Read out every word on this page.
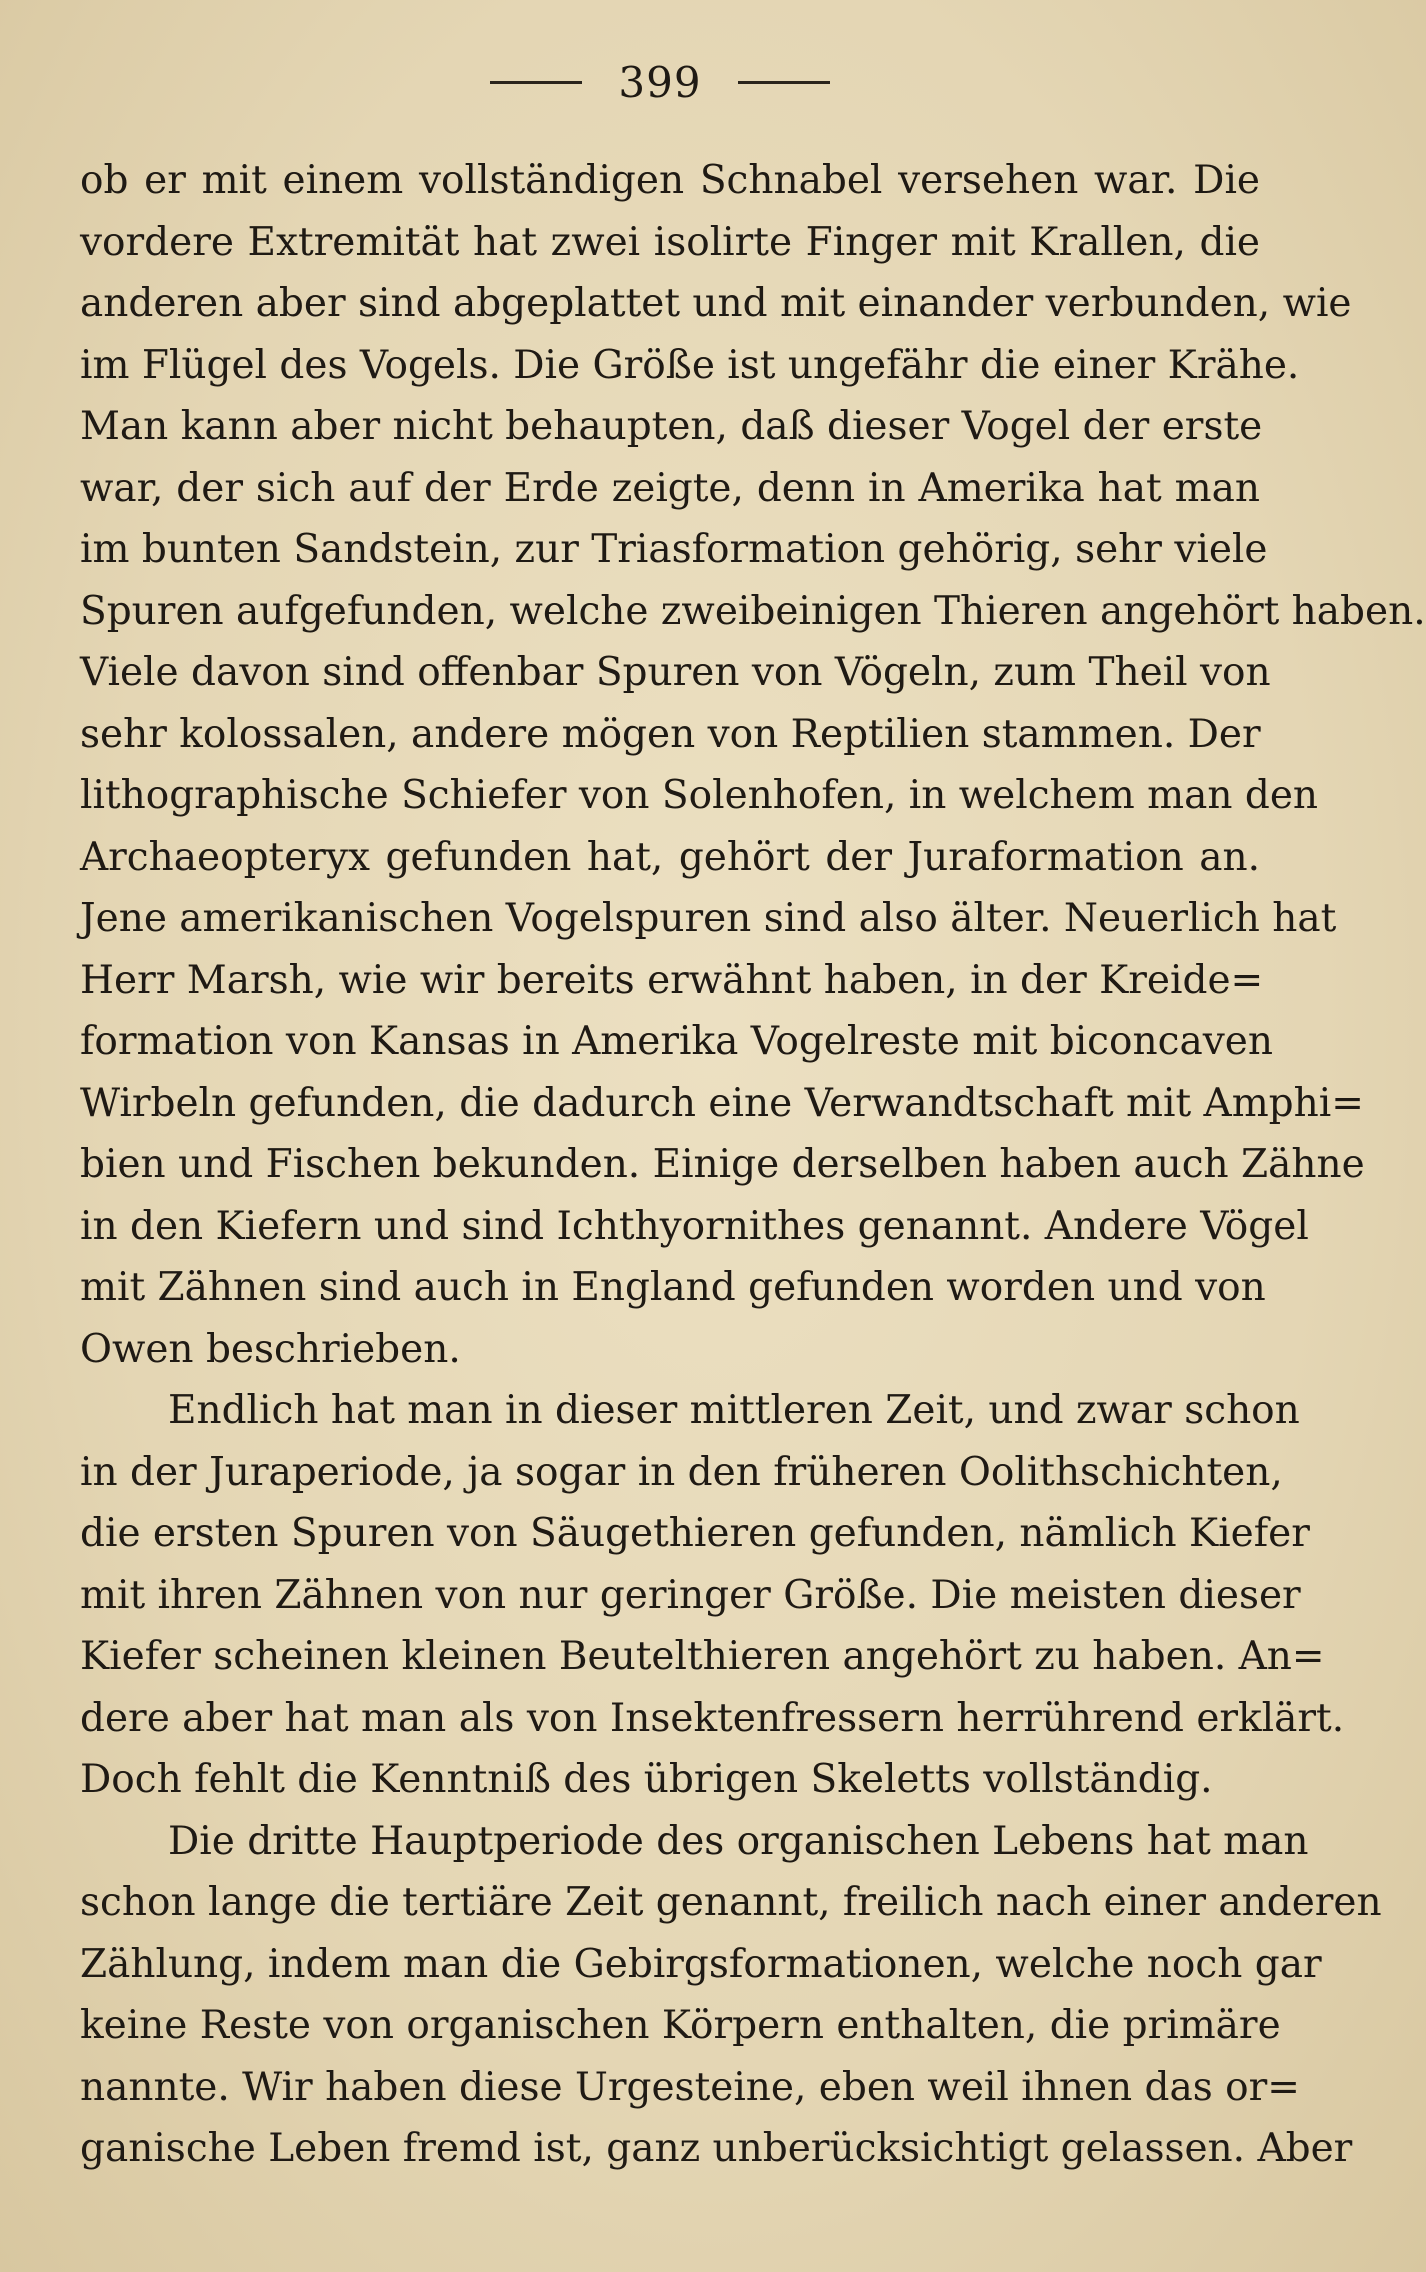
399
ob er mit einem vollständigen Schnabel versehen war. Die
vordere Extremität hat zwei isolirte Finger mit Krallen, die
anderen aber sind abgeplattet und mit einander verbunden, wie
im Flügel des Vogels. Die Größe ist ungefähr die einer Krähe.
Man kann aber nicht behaupten, daß dieser Vogel der erste
war, der sich auf der Erde zeigte, denn in Amerika hat man
im bunten Sandstein, zur Triasformation gehörig, sehr viele
Spuren aufgefunden, welche zweibeinigen Thieren angehört haben.
Viele davon sind offenbar Spuren von Vögeln, zum Theil von
sehr kolossalen, andere mögen von Reptilien stammen. Der
lithographische Schiefer von Solenhofen, in welchem man den
Archaeopteryx gefunden hat, gehört der Juraformation an.
Jene amerikanischen Vogelspuren sind also älter. Neuerlich hat
Herr Marsh, wie wir bereits erwähnt haben, in der Kreide=
formation von Kansas in Amerika Vogelreste mit biconcaven
Wirbeln gefunden, die dadurch eine Verwandtschaft mit Amphi=
bien und Fischen bekunden. Einige derselben haben auch Zähne
in den Kiefern und sind Ichthyornithes genannt. Andere Vögel
mit Zähnen sind auch in England gefunden worden und von
Owen beschrieben.
Endlich hat man in dieser mittleren Zeit, und zwar schon
in der Juraperiode, ja sogar in den früheren Oolithschichten,
die ersten Spuren von Säugethieren gefunden, nämlich Kiefer
mit ihren Zähnen von nur geringer Größe. Die meisten dieser
Kiefer scheinen kleinen Beutelthieren angehört zu haben. An=
dere aber hat man als von Insektenfressern herrührend erklärt.
Doch fehlt die Kenntniß des übrigen Skeletts vollständig.
Die dritte Hauptperiode des organischen Lebens hat man
schon lange die tertiäre Zeit genannt, freilich nach einer anderen
Zählung, indem man die Gebirgsformationen, welche noch gar
keine Reste von organischen Körpern enthalten, die primäre
nannte. Wir haben diese Urgesteine, eben weil ihnen das or=
ganische Leben fremd ist, ganz unberücksichtigt gelassen. Aber
